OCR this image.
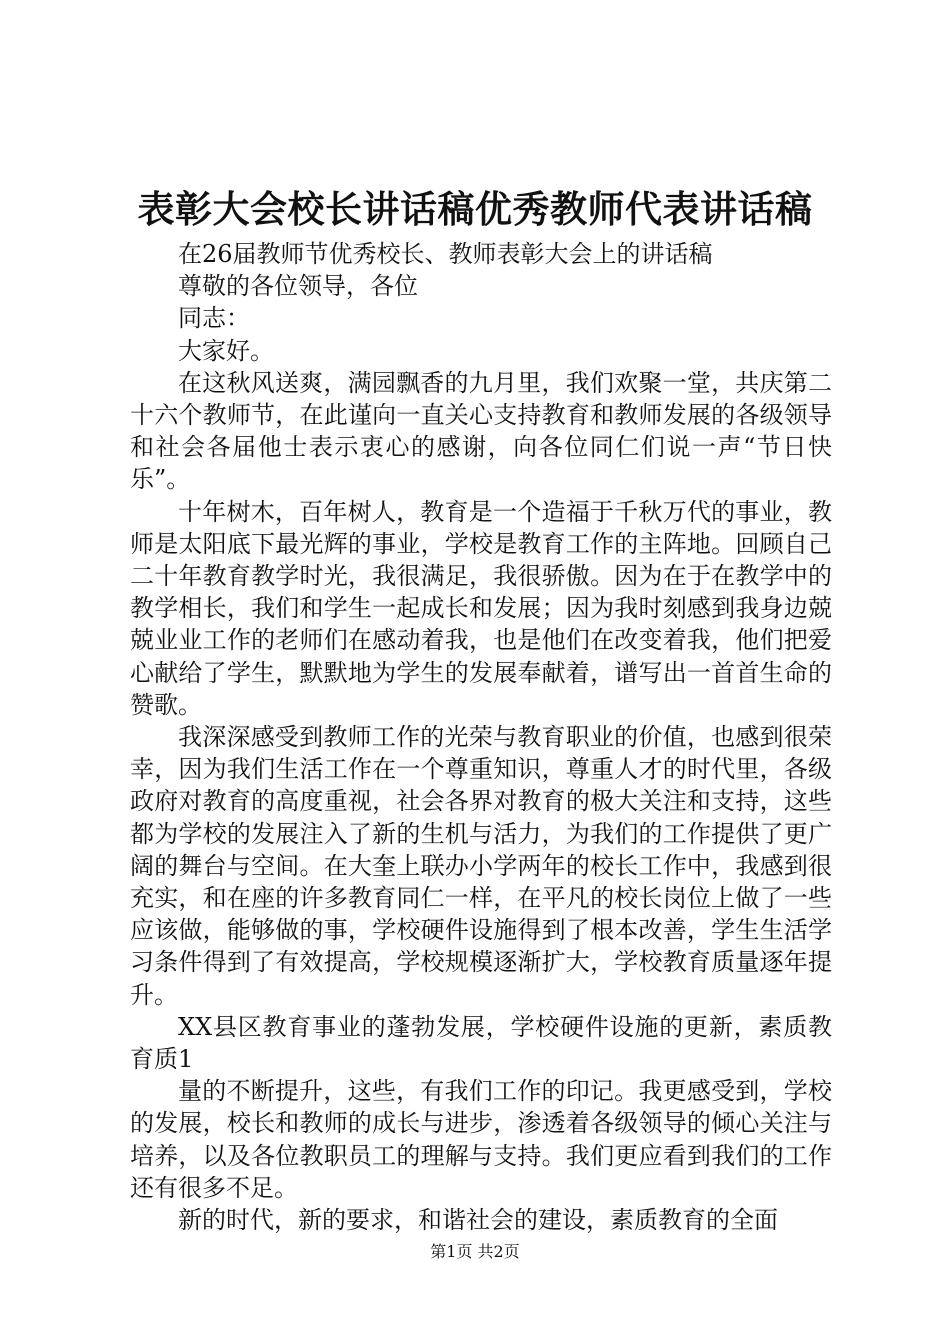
表彰大会校长讲话稿优秀教师代表讲话稿

在26届教师节优秀校长、教师表彰大会上的讲话稿

尊敬的各位领导，各位

同志：

大家好。

在这秋风送爽，满园飘香的九月里，我们欢聚一堂，共庆第二十六个教师节，在此谨向一直关心支持教育和教师发展的各级领导和社会各届他士表示衷心的感谢，向各位同仁们说一声“节日快乐”。

十年树木，百年树人，教育是一个造福于千秋万代的事业，教师是太阳底下最光辉的事业，学校是教育工作的主阵地。回顾自己二十年教育教学时光，我很满足，我很骄傲。因为在于在教学中的教学相长，我们和学生一起成长和发展；因为我时刻感到我身边兢兢业业工作的老师们在感动着我，也是他们在改变着我，他们把爱心献给了学生，默默地为学生的发展奉献着，谱写出一首首生命的赞歌。

我深深感受到教师工作的光荣与教育职业的价值，也感到很荣幸，因为我们生活工作在一个尊重知识，尊重人才的时代里，各级政府对教育的高度重视，社会各界对教育的极大关注和支持，这些都为学校的发展注入了新的生机与活力，为我们的工作提供了更广阔的舞台与空间。在大奎上联办小学两年的校长工作中，我感到很充实，和在座的许多教育同仁一样，在平凡的校长岗位上做了一些应该做，能够做的事，学校硬件设施得到了根本改善，学生生活学习条件得到了有效提高，学校规模逐渐扩大，学校教育质量逐年提升。

XX县区教育事业的蓬勃发展，学校硬件设施的更新，素质教育质1

量的不断提升，这些，有我们工作的印记。我更感受到，学校的发展，校长和教师的成长与进步，渗透着各级领导的倾心关注与培养，以及各位教职员工的理解与支持。我们更应看到我们的工作还有很多不足。

新的时代，新的要求，和谐社会的建设，素质教育的全面

第1页 共2页
